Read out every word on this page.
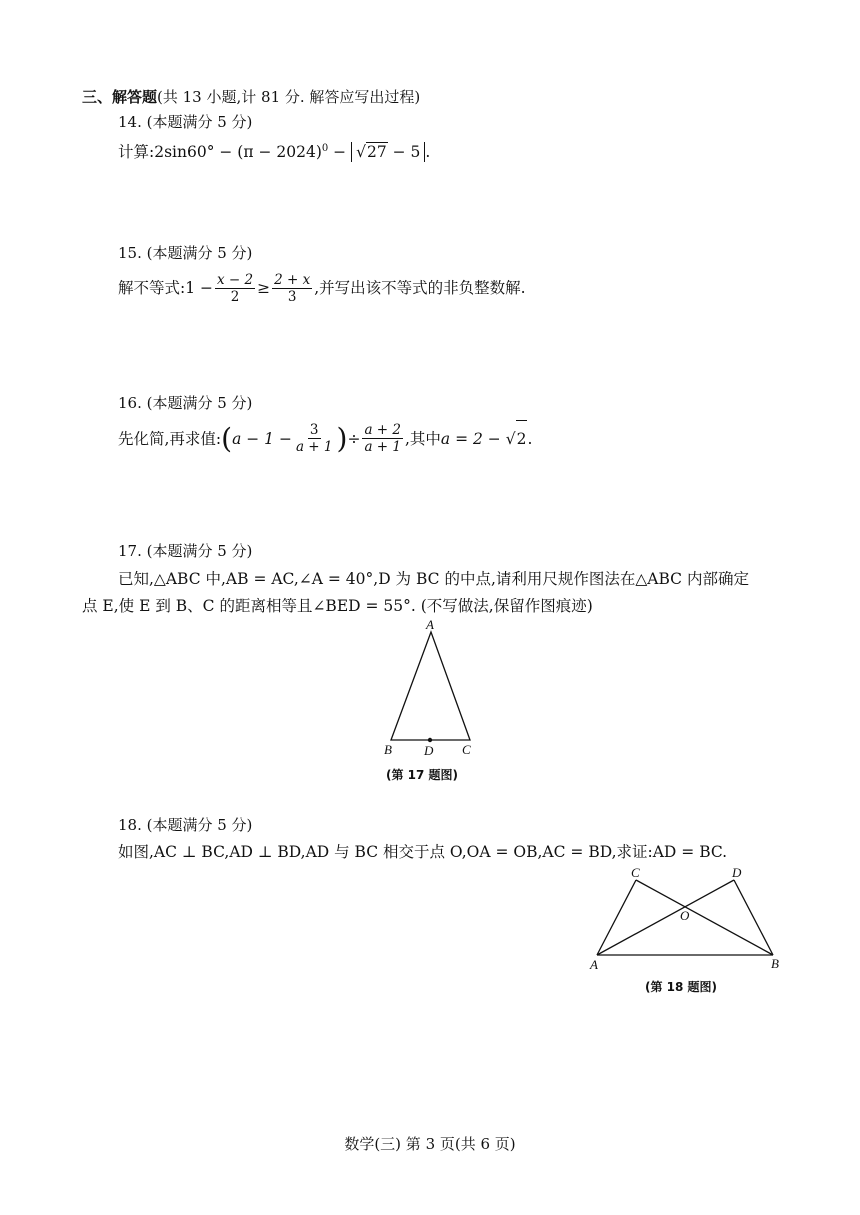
三、解答题(共 13 小题,计 81 分. 解答应写出过程)
14. (本题满分 5 分)
计算:2sin60° − $(\pi - 2024)^0 - √27 - 5$ .
15. (本题满分 5 分)
解不等式:1 − $\frac{x - 2}{2} \ge \frac{2 + x}{3}$ ,并写出该不等式的非负整数解.
16. (本题满分 5 分)
先化简,再求值: ( $a - 1 - \frac{3}{a + 1}$ ) ÷ $\frac{a + 2}{a + 1}$ ,其中 a = 2 − √ 2 .
17. (本题满分 5 分)
已知,△ABC 中,AB = AC,∠A = 40°,D 为 BC 的中点,请利用尺规作图法在△ABC 内部确定
点 E,使 E 到 B、C 的距离相等且∠BED = 55°. (不写做法,保留作图痕迹)
A
B D C
(第 17 题图)
18. (本题满分 5 分)
如图,AC ⊥ BC,AD ⊥ BD,AD 与 BC 相交于点 O,OA = OB,AC = BD,求证:AD = BC.
C	D
O
A	B
(第 18 题图)
数学(三) 第 3 页(共 6 页)
